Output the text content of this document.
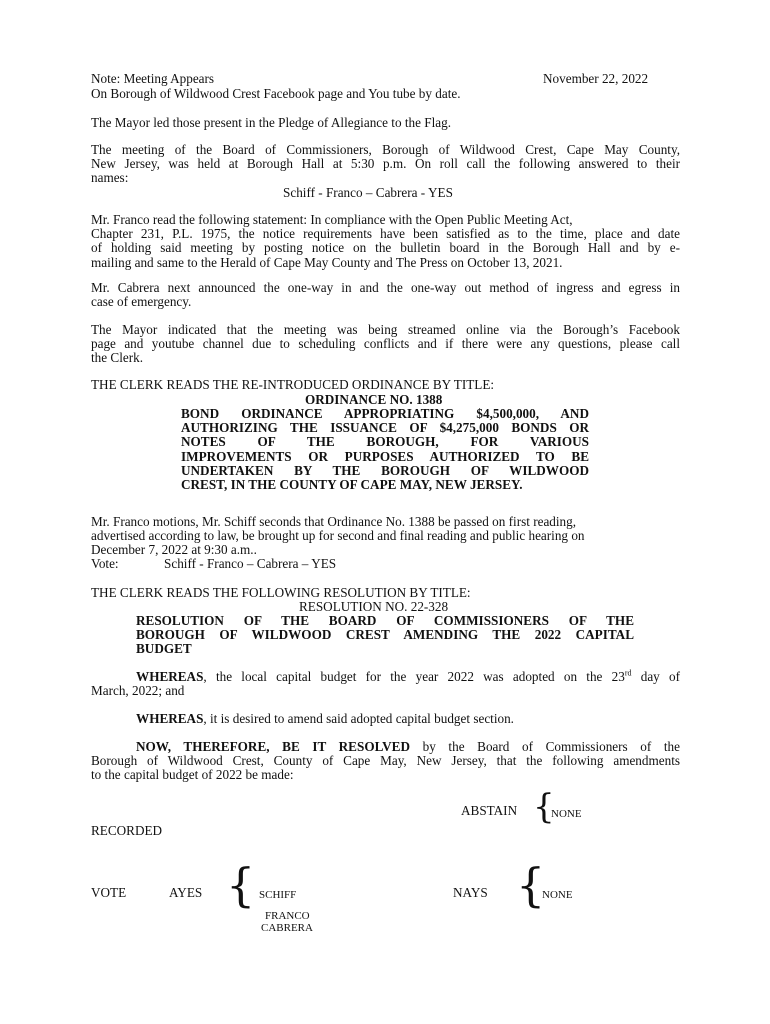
Note: Meeting Appears	November 22, 2022
On Borough of Wildwood Crest Facebook page and You tube by date.
The Mayor led those present in the Pledge of Allegiance to the Flag.
The meeting of the Board of Commissioners, Borough of Wildwood Crest, Cape May County,
New Jersey, was held at Borough Hall at 5:30 p.m. On roll call the following answered to their
names:
Schiff - Franco – Cabrera - YES
Mr. Franco read the following statement: In compliance with the Open Public Meeting Act,
Chapter 231, P.L. 1975, the notice requirements have been satisfied as to the time, place and date
of holding said meeting by posting notice on the bulletin board in the Borough Hall and by e-
mailing and same to the Herald of Cape May County and The Press on October 13, 2021.
Mr. Cabrera next announced the one-way in and the one-way out method of ingress and egress in
case of emergency.
The Mayor indicated that the meeting was being streamed online via the Borough’s Facebook
page and youtube channel due to scheduling conflicts and if there were any questions, please call
the Clerk.
THE CLERK READS THE RE-INTRODUCED ORDINANCE BY TITLE:
ORDINANCE NO. 1388
BOND ORDINANCE APPROPRIATING $4,500,000, AND
AUTHORIZING THE ISSUANCE OF $4,275,000 BONDS OR
NOTES OF THE BOROUGH, FOR VARIOUS
IMPROVEMENTS OR PURPOSES AUTHORIZED TO BE
UNDERTAKEN BY THE BOROUGH OF WILDWOOD
CREST, IN THE COUNTY OF CAPE MAY, NEW JERSEY.
Mr. Franco motions, Mr. Schiff seconds that Ordinance No. 1388 be passed on first reading,
advertised according to law, be brought up for second and final reading and public hearing on
December 7, 2022 at 9:30 a.m..
Vote:	Schiff - Franco – Cabrera – YES
THE CLERK READS THE FOLLOWING RESOLUTION BY TITLE:
RESOLUTION NO. 22-328
RESOLUTION OF THE BOARD OF COMMISSIONERS OF THE
BOROUGH OF WILDWOOD CREST AMENDING THE 2022 CAPITAL
BUDGET
WHEREAS, the local capital budget for the year 2022 was adopted on the 23rd day of
March, 2022; and
WHEREAS, it is desired to amend said adopted capital budget section.
NOW, THEREFORE, BE IT RESOLVED by the Board of Commissioners of the
Borough of Wildwood Crest, County of Cape May, New Jersey, that the following amendments
to the capital budget of 2022 be made:
ABSTAIN {
NONE
RECORDED
VOTE	AYES { SCHIFF
FRANCO
CABRERA
NAYS {
NONE
